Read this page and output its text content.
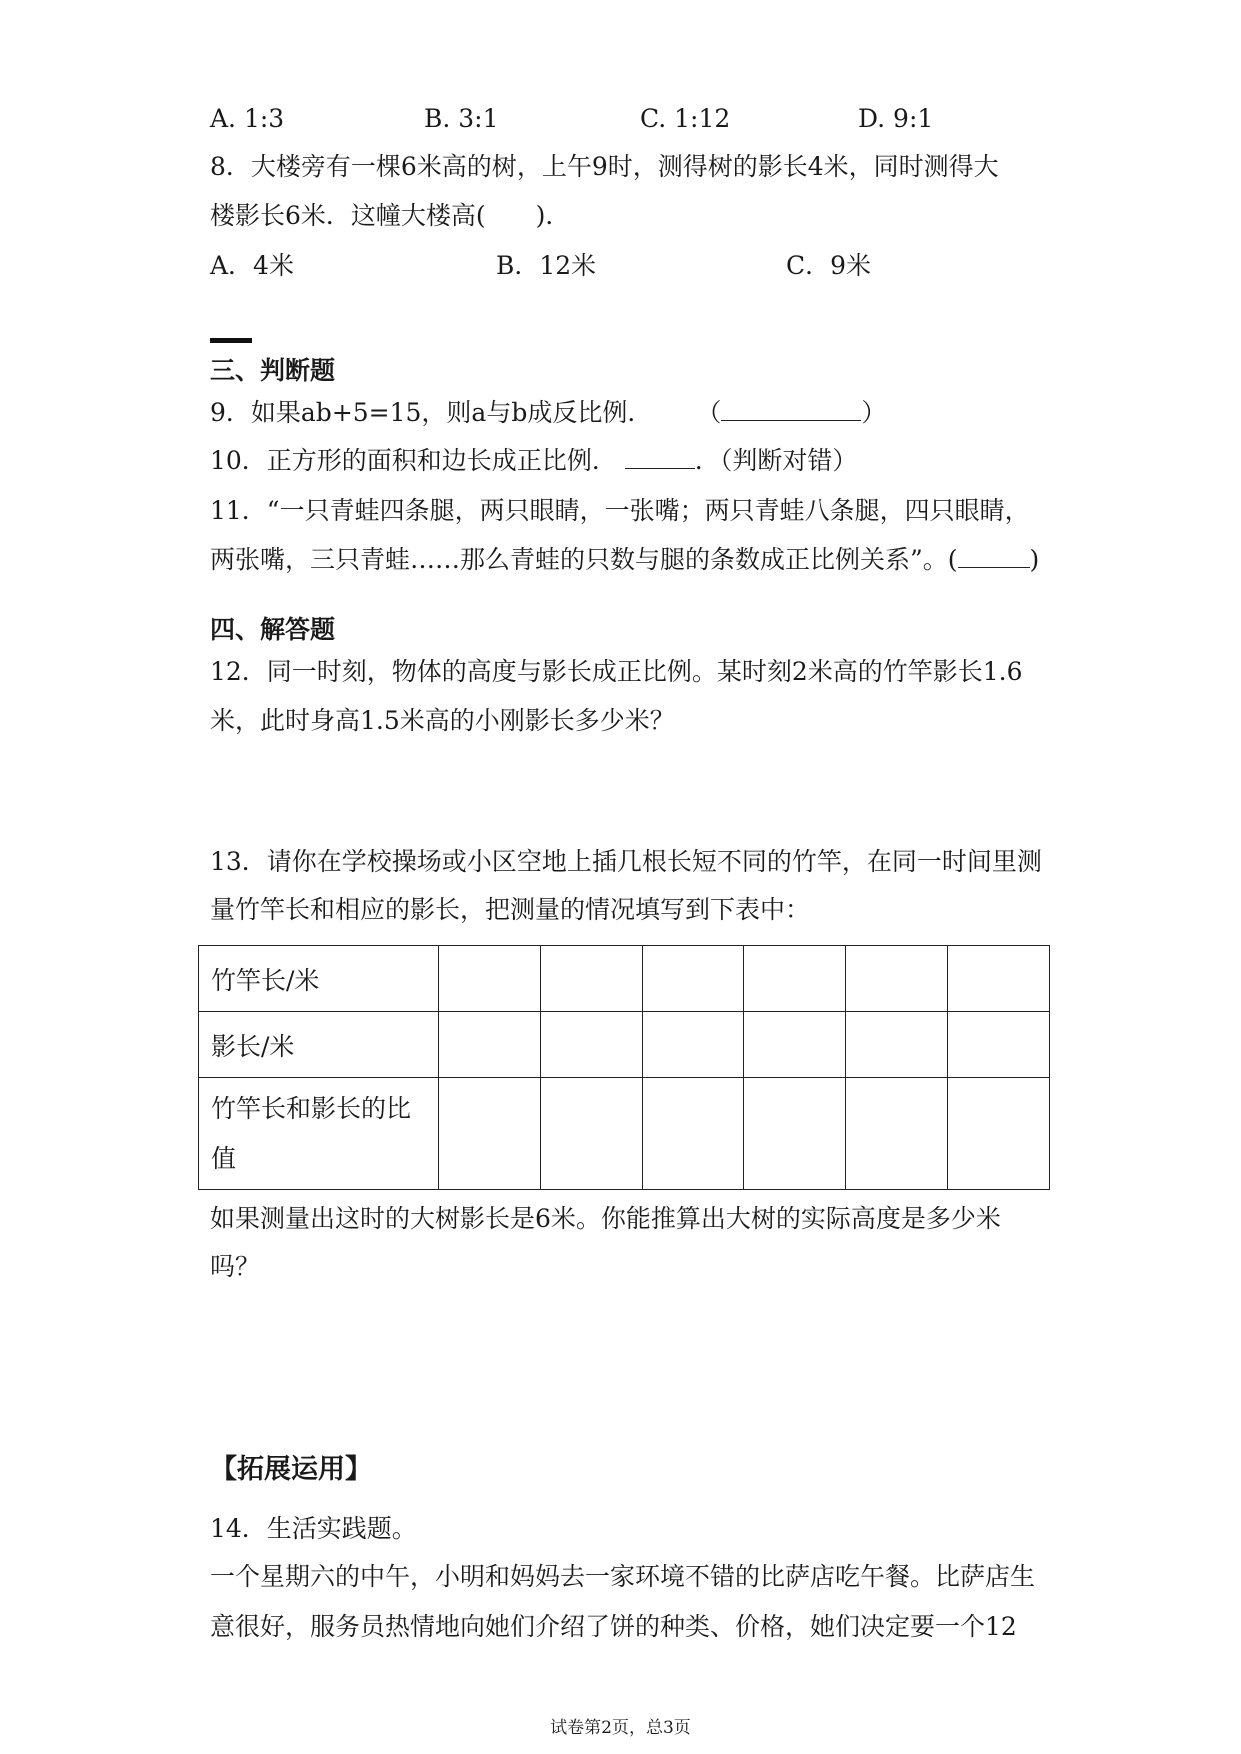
A. 1:3	B. 3:1	C. 1:12	D. 9:1
8．大楼旁有一棵6米高的树，上午9时，测得树的影长4米，同时测得大
楼影长6米．这幢大楼高(　　)．
A．4米	B．12米	C．9米
三、判断题
9．如果ab+5=15，则a与b成反比例． （	）
10．正方形的面积和边长成正比例．	．（判断对错）
11．“一只青蛙四条腿，两只眼睛，一张嘴；两只青蛙八条腿，四只眼睛，
两张嘴，三只青蛙……那么青蛙的只数与腿的条数成正比例关系”。(	)
四、解答题
12．同一时刻，物体的高度与影长成正比例。某时刻2米高的竹竿影长1.6
米，此时身高1.5米高的小刚影长多少米？
13．请你在学校操场或小区空地上插几根长短不同的竹竿，在同一时间里测
量竹竿长和相应的影长，把测量的情况填写到下表中：
竹竿长/米						
影长/米						
竹竿长和影长的比值						
如果测量出这时的大树影长是6米。你能推算出大树的实际高度是多少米
吗？
【拓展运用】
14．生活实践题。
一个星期六的中午，小明和妈妈去一家环境不错的比萨店吃午餐。比萨店生
意很好，服务员热情地向她们介绍了饼的种类、价格，她们决定要一个12
试卷第2页，总3页
